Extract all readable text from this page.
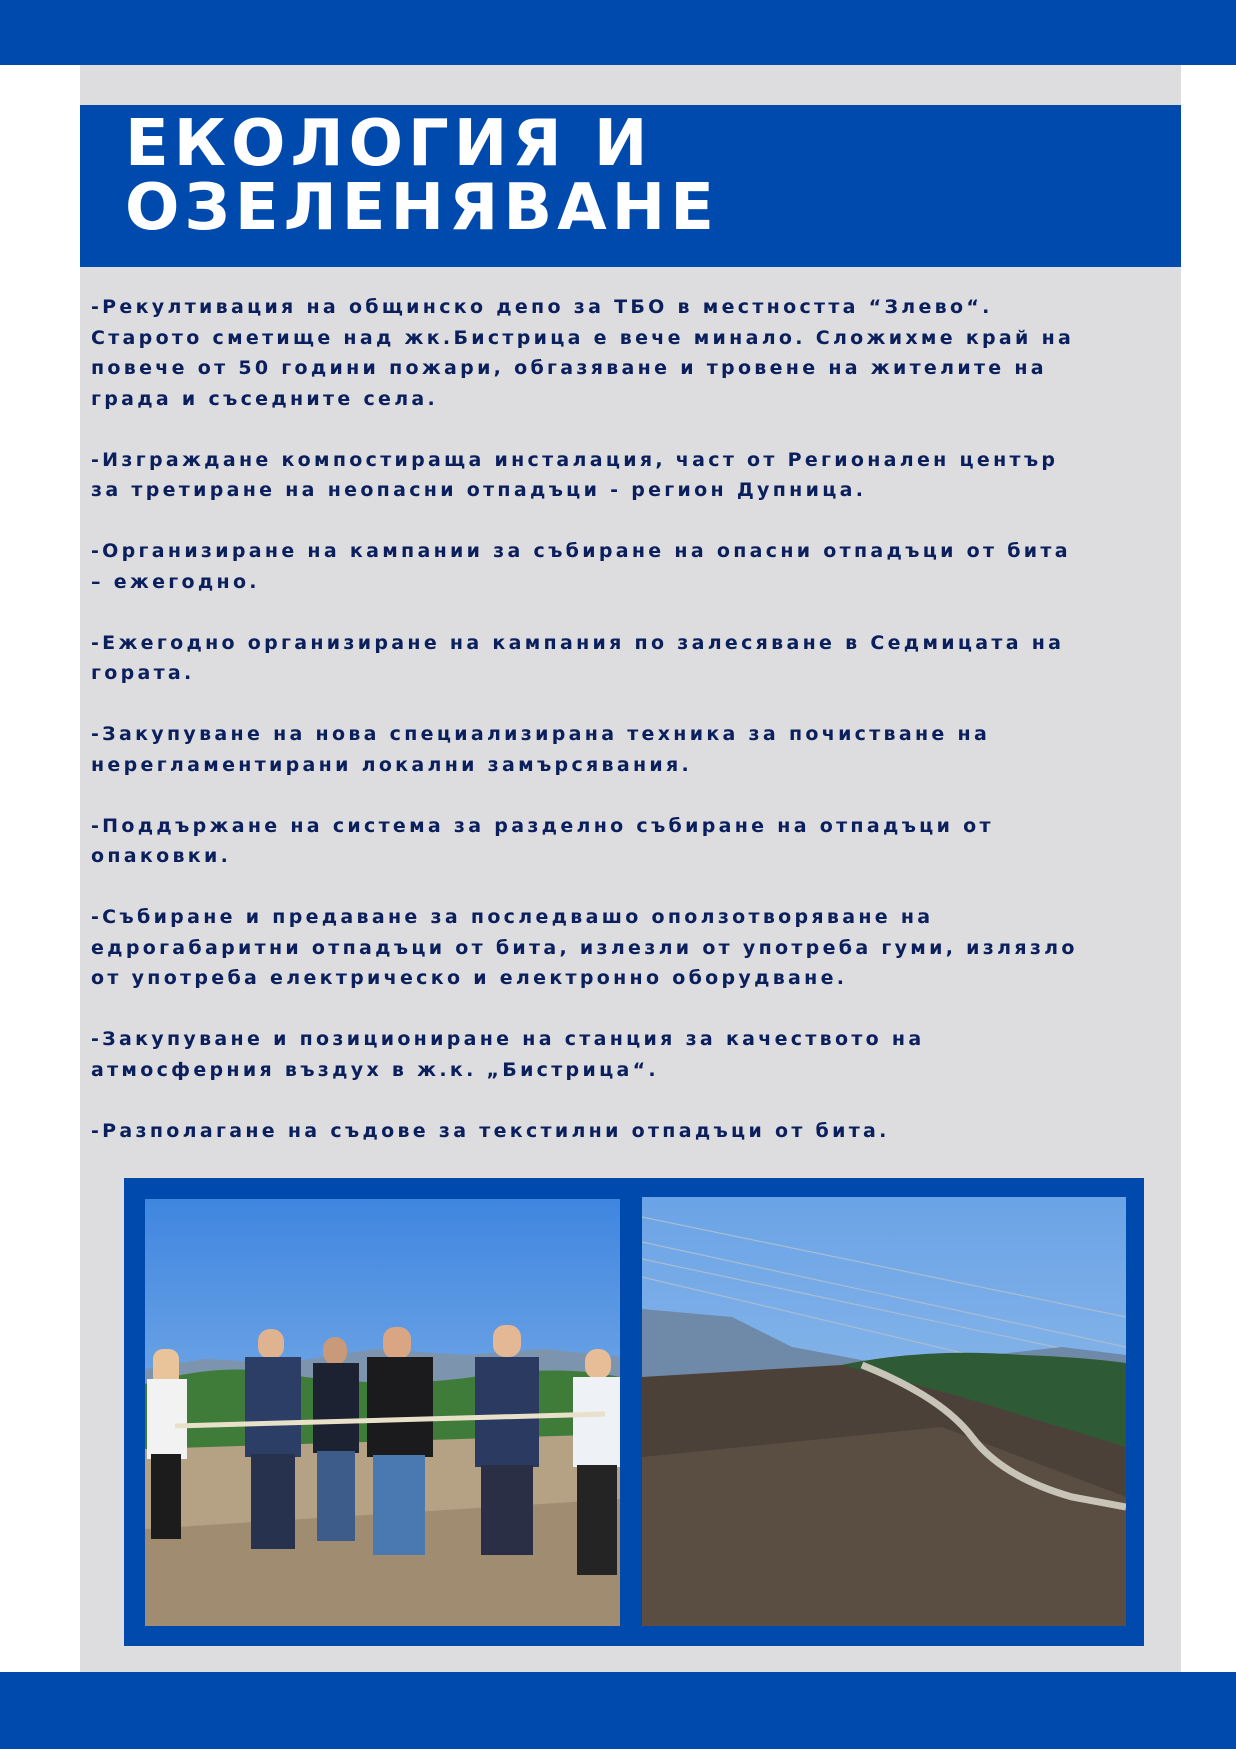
ЕКОЛОГИЯ И
ОЗЕЛЕНЯВАНЕ

-Рекултивация на общинско депо за ТБО в местността “Злево“.
Старото сметище над жк.Бистрица е вече минало. Сложихме край на
повече от 50 години пожари, обгазяване и тровене на жителите на
града и съседните села.

-Изграждане компостираща инсталация, част от Регионален център
за третиране на неопасни отпадъци - регион Дупница.

-Организиране на кампании за събиране на опасни отпадъци от бита
– ежегодно.

-Ежегодно организиране на кампания по залесяване в Седмицата на
гората.

-Закупуване на нова специализирана техника за почистване на
нерегламентирани локални замърсявания.

-Поддържане на система за разделно събиране на отпадъци от
опаковки.

-Събиране и предаване за последвашо оползотворяване на
едрогабаритни отпадъци от бита, излезли от употреба гуми, излязло
от употреба електрическо и електронно оборудване.

-Закупуване и позициониране на станция за качеството на
атмосферния въздух в ж.к. „Бистрица“.

-Разполагане на съдове за текстилни отпадъци от бита.
